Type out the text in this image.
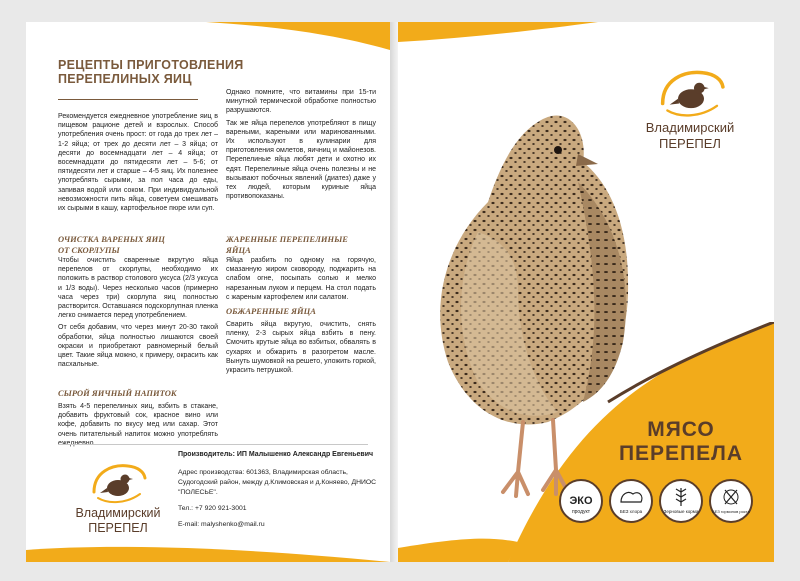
РЕЦЕПТЫ ПРИГОТОВЛЕНИЯ
ПЕРЕПЕЛИНЫХ ЯИЦ

Рекомендуется ежедневное употребление яиц в пищевом рационе детей и взрослых. Способ употребления очень прост: от года до трех лет – 1-2 яйца; от трех до десяти лет – 3 яйца; от десяти до восемнадцати лет – 4 яйца; от восемнадцати до пятидесяти лет – 5-6; от пятидесяти лет и старше – 4-5 яиц. Их полезнее употреблять сырыми, за пол часа до еды, запивая водой или соком. При индивидуальной невозможности пить яйца, советуем смешивать их сырыми в кашу, картофельное пюре или суп.

Однако помните, что витамины при 15-ти минутной термической обработке полностью разрушаются.

Так же яйца перепелов употребляют в пищу вареными, жареными или маринованными. Их используют в кулинарии для приготовления омлетов, яичниц и майонезов. Перепелиные яйца любят дети и охотно их едят. Перепелиные яйца очень полезны и не вызывают побочных явлений (диатез) даже у тех людей, которым куриные яйца противопоказаны.

ОЧИСТКА ВАРЕНЫХ ЯИЦ
ОТ СКОРЛУПЫ

Чтобы очистить сваренные вкрутую яйца перепелов от скорлупы, необходимо их положить в раствор столового уксуса (2/3 уксуса и 1/3 воды). Через несколько часов (примерно часа через три) скорлупа яиц полностью растворится. Оставшаяся подскорлупная пленка легко снимается перед употреблением.

От себя добавим, что через минут 20-30 такой обработки, яйца полностью лишаются своей окраски и приобретают равномерный белый цвет. Такие яйца можно, к примеру, окрасить как пасхальные.

СЫРОЙ ЯИЧНЫЙ НАПИТОК

Взять 4-5 перепелиных яиц, взбить в стакане, добавить фруктовый сок, красное вино или кофе, добавить по вкусу мед или сахар. Этот очень питательный напиток можно употреблять ежедневно.

ЖАРЕННЫЕ ПЕРЕПЕЛИНЫЕ
ЯЙЦА

Яйца разбить по одному на горячую, смазанную жиром сковороду, поджарить на слабом огне, посыпать солью и мелко нарезанным луком и перцем. На стол подать с жареным картофелем или салатом.

ОБЖАРЕННЫЕ ЯЙЦА

Сварить яйца вкрутую, очистить, снять пленку, 2-3 сырых яйца взбить в пену. Смочить крутые яйца во взбитых, обвалять в сухарях и обжарить в разогретом масле. Вынуть шумовкой на решето, уложить горкой, украсить петрушкой.

Владимирский
ПЕРЕПЕЛ
Производитель: ИП Малышенко Александр Евгеньевич
Адрес производства: 601363, Владимирская область, Судогодский район, между д.Климовская и д.Коняево, ДНИОС "ПОЛЕСЬЕ".
Тел.: +7 920 921-3001
E-mail: malyshenko@mail.ru
Владимирский
ПЕРЕПЕЛ
МЯСО
ПЕРЕПЕЛА
ЭКО
продукт	БЕЗ хлора	Зерновые корма	БЕЗ гормонов роста
